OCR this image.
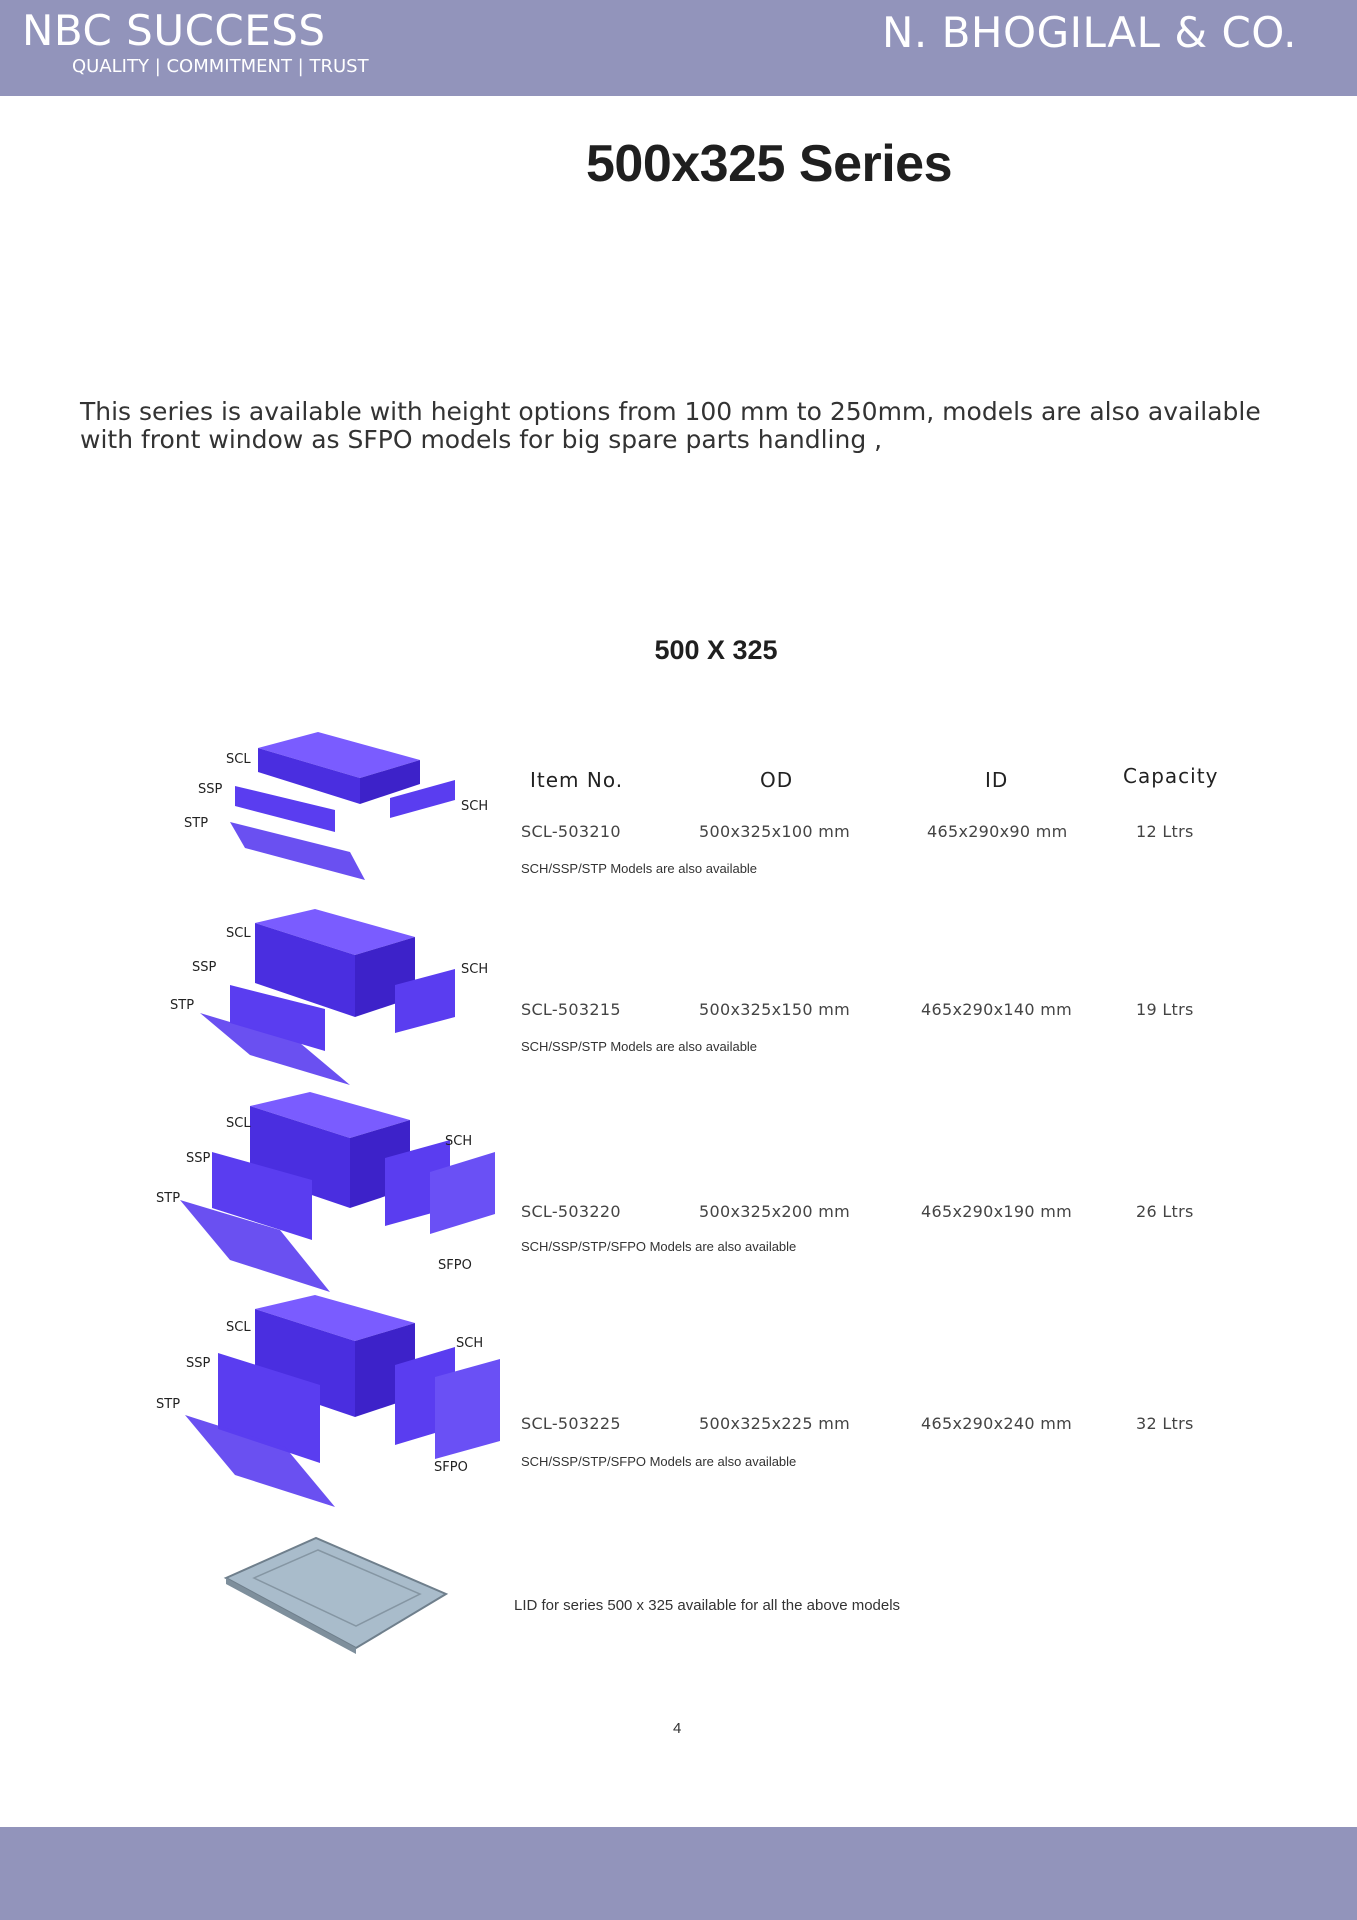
NBC SUCCESS
QUALITY | COMMITMENT | TRUST
N. BHOGILAL & CO.
500x325 Series
This series is available with height options from 100 mm to 250mm, models are also available with front window as SFPO models for big spare parts handling ,
500 X 325
Item No.	OD	ID	Capacity
SCL-503210	500x325x100 mm	465x290x90 mm	12 Ltrs
SCH/SSP/STP Models are also available
SCL-503215	500x325x150 mm	465x290x140 mm	19 Ltrs
SCH/SSP/STP Models are also available
SCL-503220	500x325x200 mm	465x290x190 mm	26 Ltrs
SCH/SSP/STP/SFPO Models are also available
SCL-503225	500x325x225 mm	465x290x240 mm	32 Ltrs
SCH/SSP/STP/SFPO Models are also available
SCL
SSP
STP
SCH
SCL
SSP
STP
SCH
SCL
SSP
STP
SCH
SFPO
SCL
SSP
STP
SCH
SFPO
LID for series 500 x 325 available for all the above models
4
